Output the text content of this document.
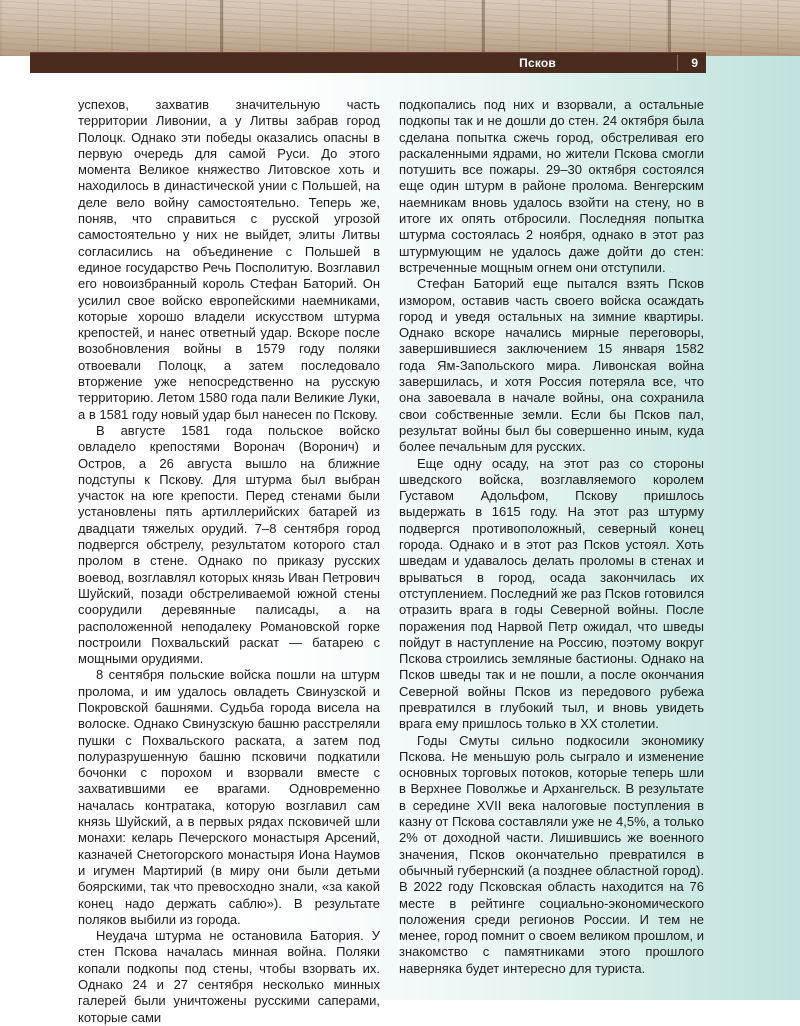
Псков	9

успехов, захватив значительную часть территории Ливонии, а у Литвы забрав город Полоцк. Однако эти победы оказались опасны в первую очередь для самой Руси. До этого момента Великое княжество Литовское хоть и находилось в династической унии с Польшей, на деле вело войну самостоятельно. Теперь же, поняв, что справиться с русской угрозой самостоятельно у них не выйдет, элиты Литвы согласились на объединение с Польшей в единое государство Речь Посполитую. Возглавил его новоизбранный король Стефан Баторий. Он усилил свое войско европейскими наемниками, которые хорошо владели искусством штурма крепостей, и нанес ответный удар. Вскоре после возобновления войны в 1579 году поляки отвоевали Полоцк, а затем последовало вторжение уже непосредственно на русскую территорию. Летом 1580 года пали Великие Луки, а в 1581 году новый удар был нанесен по Пскову.

В августе 1581 года польское войско овладело крепостями Воронач (Воронич) и Остров, а 26 августа вышло на ближние подступы к Пскову. Для штурма был выбран участок на юге крепости. Перед стенами были установлены пять артиллерийских батарей из двадцати тяжелых орудий. 7–8 сентября город подвергся обстрелу, результатом которого стал пролом в стене. Однако по приказу русских воевод, возглавлял которых князь Иван Петрович Шуйский, позади обстреливаемой южной стены соорудили деревянные палисады, а на расположенной неподалеку Романовской горке построили Похвальский раскат — батарею с мощными орудиями.

8 сентября польские войска пошли на штурм пролома, и им удалось овладеть Свинузской и Покровской башнями. Судьба города висела на волоске. Однако Свинузскую башню расстреляли пушки с Похвальского раската, а затем под полуразрушенную башню псковичи подкатили бочонки с порохом и взорвали вместе с захватившими ее врагами. Одновременно началась контратака, которую возглавил сам князь Шуйский, а в первых рядах псковичей шли монахи: келарь Печерского монастыря Арсений, казначей Снетогорского монастыря Иона Наумов и игумен Мартирий (в миру они были детьми боярскими, так что превосходно знали, «за какой конец надо держать саблю»). В результате поляков выбили из города.

Неудача штурма не остановила Батория. У стен Пскова началась минная война. Поляки копали подкопы под стены, чтобы взорвать их. Однако 24 и 27 сентября несколько минных галерей были уничтожены русскими саперами, которые сами

подкопались под них и взорвали, а остальные подкопы так и не дошли до стен. 24 октября была сделана попытка сжечь город, обстреливая его раскаленными ядрами, но жители Пскова смогли потушить все пожары. 29–30 октября состоялся еще один штурм в районе пролома. Венгерским наемникам вновь удалось взойти на стену, но в итоге их опять отбросили. Последняя попытка штурма состоялась 2 ноября, однако в этот раз штурмующим не удалось даже дойти до стен: встреченные мощным огнем они отступили.

Стефан Баторий еще пытался взять Псков измором, оставив часть своего войска осаждать город и уведя остальных на зимние квартиры. Однако вскоре начались мирные переговоры, завершившиеся заключением 15 января 1582 года Ям-Запольского мира. Ливонская война завершилась, и хотя Россия потеряла все, что она завоевала в начале войны, она сохранила свои собственные земли. Если бы Псков пал, результат войны был бы совершенно иным, куда более печальным для русских.

Еще одну осаду, на этот раз со стороны шведского войска, возглавляемого королем Густавом Адольфом, Пскову пришлось выдержать в 1615 году. На этот раз штурму подвергся противоположный, северный конец города. Однако и в этот раз Псков устоял. Хоть шведам и удавалось делать проломы в стенах и врываться в город, осада закончилась их отступлением. Последний же раз Псков готовился отразить врага в годы Северной войны. После поражения под Нарвой Петр ожидал, что шведы пойдут в наступление на Россию, поэтому вокруг Пскова строились земляные бастионы. Однако на Псков шведы так и не пошли, а после окончания Северной войны Псков из передового рубежа превратился в глубокий тыл, и вновь увидеть врага ему пришлось только в XX столетии.

Годы Смуты сильно подкосили экономику Пскова. Не меньшую роль сыграло и изменение основных торговых потоков, которые теперь шли в Верхнее Поволжье и Архангельск. В результате в середине XVII века налоговые поступления в казну от Пскова составляли уже не 4,5%, а только 2% от доходной части. Лишившись же военного значения, Псков окончательно превратился в обычный губернский (а позднее областной город). В 2022 году Псковская область находится на 76 месте в рейтинге социально-экономического положения среди регионов России. И тем не менее, город помнит о своем великом прошлом, и знакомство с памятниками этого прошлого наверняка будет интересно для туриста.
